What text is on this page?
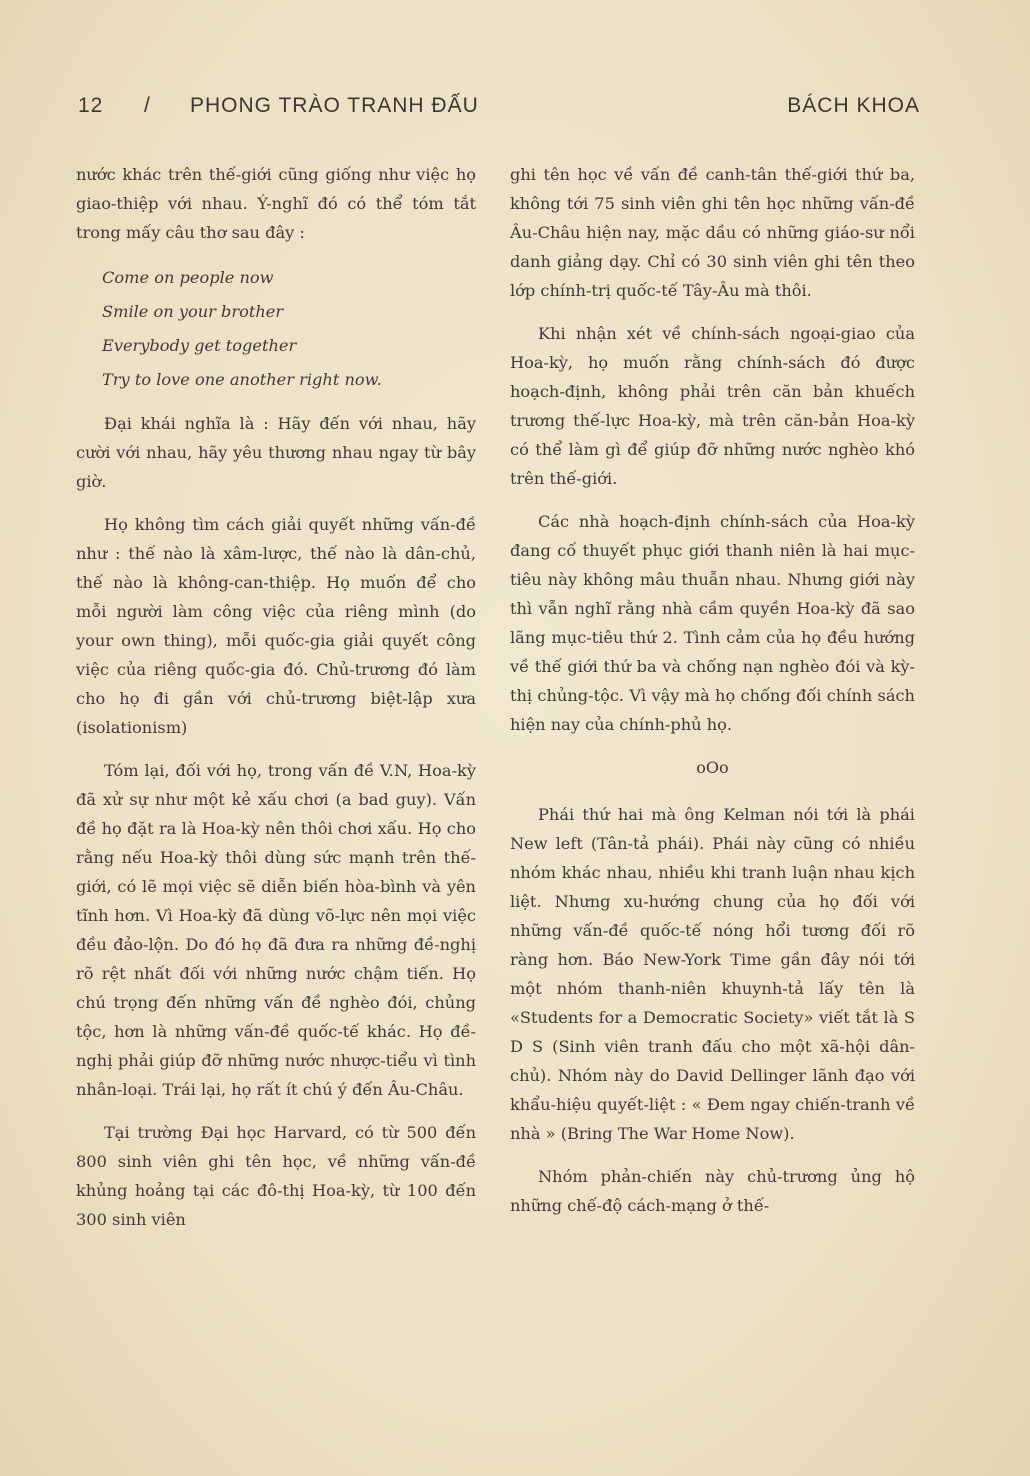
12 / PHONG TRÀO TRANH ĐẤU	BÁCH KHOA

nước khác trên thế-giới cũng giống như việc họ giao-thiệp với nhau. Ý-nghĩ đó có thể tóm tắt trong mấy câu thơ sau đây :

Come on people now
Smile on your brother
Everybody get together
Try to love one another right now.

Đại khái nghĩa là : Hãy đến với nhau, hãy cười với nhau, hãy yêu thương nhau ngay từ bây giờ.

Họ không tìm cách giải quyết những vấn-đề như : thế nào là xâm-lược, thế nào là dân-chủ, thế nào là không-can-thiệp. Họ muốn để cho mỗi người làm công việc của riêng mình (do your own thing), mỗi quốc-gia giải quyết công việc của riêng quốc-gia đó. Chủ-trương đó làm cho họ đi gần với chủ-trương biệt-lập xưa (isolationism)

Tóm lại, đối với họ, trong vấn đề V.N, Hoa-kỳ đã xử sự như một kẻ xấu chơi (a bad guy). Vấn đề họ đặt ra là Hoa-kỳ nên thôi chơi xấu. Họ cho rằng nếu Hoa-kỳ thôi dùng sức mạnh trên thế-giới, có lẽ mọi việc sẽ diễn biến hòa-bình và yên tĩnh hơn. Vì Hoa-kỳ đã dùng võ-lực nên mọi việc đều đảo-lộn. Do đó họ đã đưa ra những đề-nghị rõ rệt nhất đối với những nước chậm tiến. Họ chú trọng đến những vấn đề nghèo đói, chủng tộc, hơn là những vấn-đề quốc-tế khác. Họ đề-nghị phải giúp đỡ những nước nhược-tiểu vì tình nhân-loại. Trái lại, họ rất ít chú ý đến Âu-Châu.

Tại trường Đại học Harvard, có từ 500 đến 800 sinh viên ghi tên học, về những vấn-đề khủng hoảng tại các đô-thị Hoa-kỳ, từ 100 đến 300 sinh viên

ghi tên học về vấn đề canh-tân thế-giới thứ ba, không tới 75 sinh viên ghi tên học những vấn-đề Âu-Châu hiện nay, mặc dầu có những giáo-sư nổi danh giảng dạy. Chỉ có 30 sinh viên ghi tên theo lớp chính-trị quốc-tế Tây-Âu mà thôi.

Khi nhận xét về chính-sách ngoại-giao của Hoa-kỳ, họ muốn rằng chính-sách đó được hoạch-định, không phải trên căn bản khuếch trương thế-lực Hoa-kỳ, mà trên căn-bản Hoa-kỳ có thể làm gì để giúp đỡ những nước nghèo khó trên thế-giới.

Các nhà hoạch-định chính-sách của Hoa-kỳ đang cố thuyết phục giới thanh niên là hai mục-tiêu này không mâu thuẫn nhau. Nhưng giới này thì vẫn nghĩ rằng nhà cầm quyền Hoa-kỳ đã sao lãng mục-tiêu thứ 2. Tình cảm của họ đều hướng về thế giới thứ ba và chống nạn nghèo đói và kỳ-thị chủng-tộc. Vì vậy mà họ chống đối chính sách hiện nay của chính-phủ họ.

oOo

Phái thứ hai mà ông Kelman nói tới là phái New left (Tân-tả phái). Phái này cũng có nhiều nhóm khác nhau, nhiều khi tranh luận nhau kịch liệt. Nhưng xu-hướng chung của họ đối với những vấn-đề quốc-tế nóng hổi tương đối rõ ràng hơn. Báo New-York Time gần đây nói tới một nhóm thanh-niên khuynh-tả lấy tên là «Students for a Democratic Society» viết tắt là S D S (Sinh viên tranh đấu cho một xã-hội dân-chủ). Nhóm này do David Dellinger lãnh đạo với khẩu-hiệu quyết-liệt : « Đem ngay chiến-tranh về nhà » (Bring The War Home Now).

Nhóm phản-chiến này chủ-trương ủng hộ những chế-độ cách-mạng ở thế-
